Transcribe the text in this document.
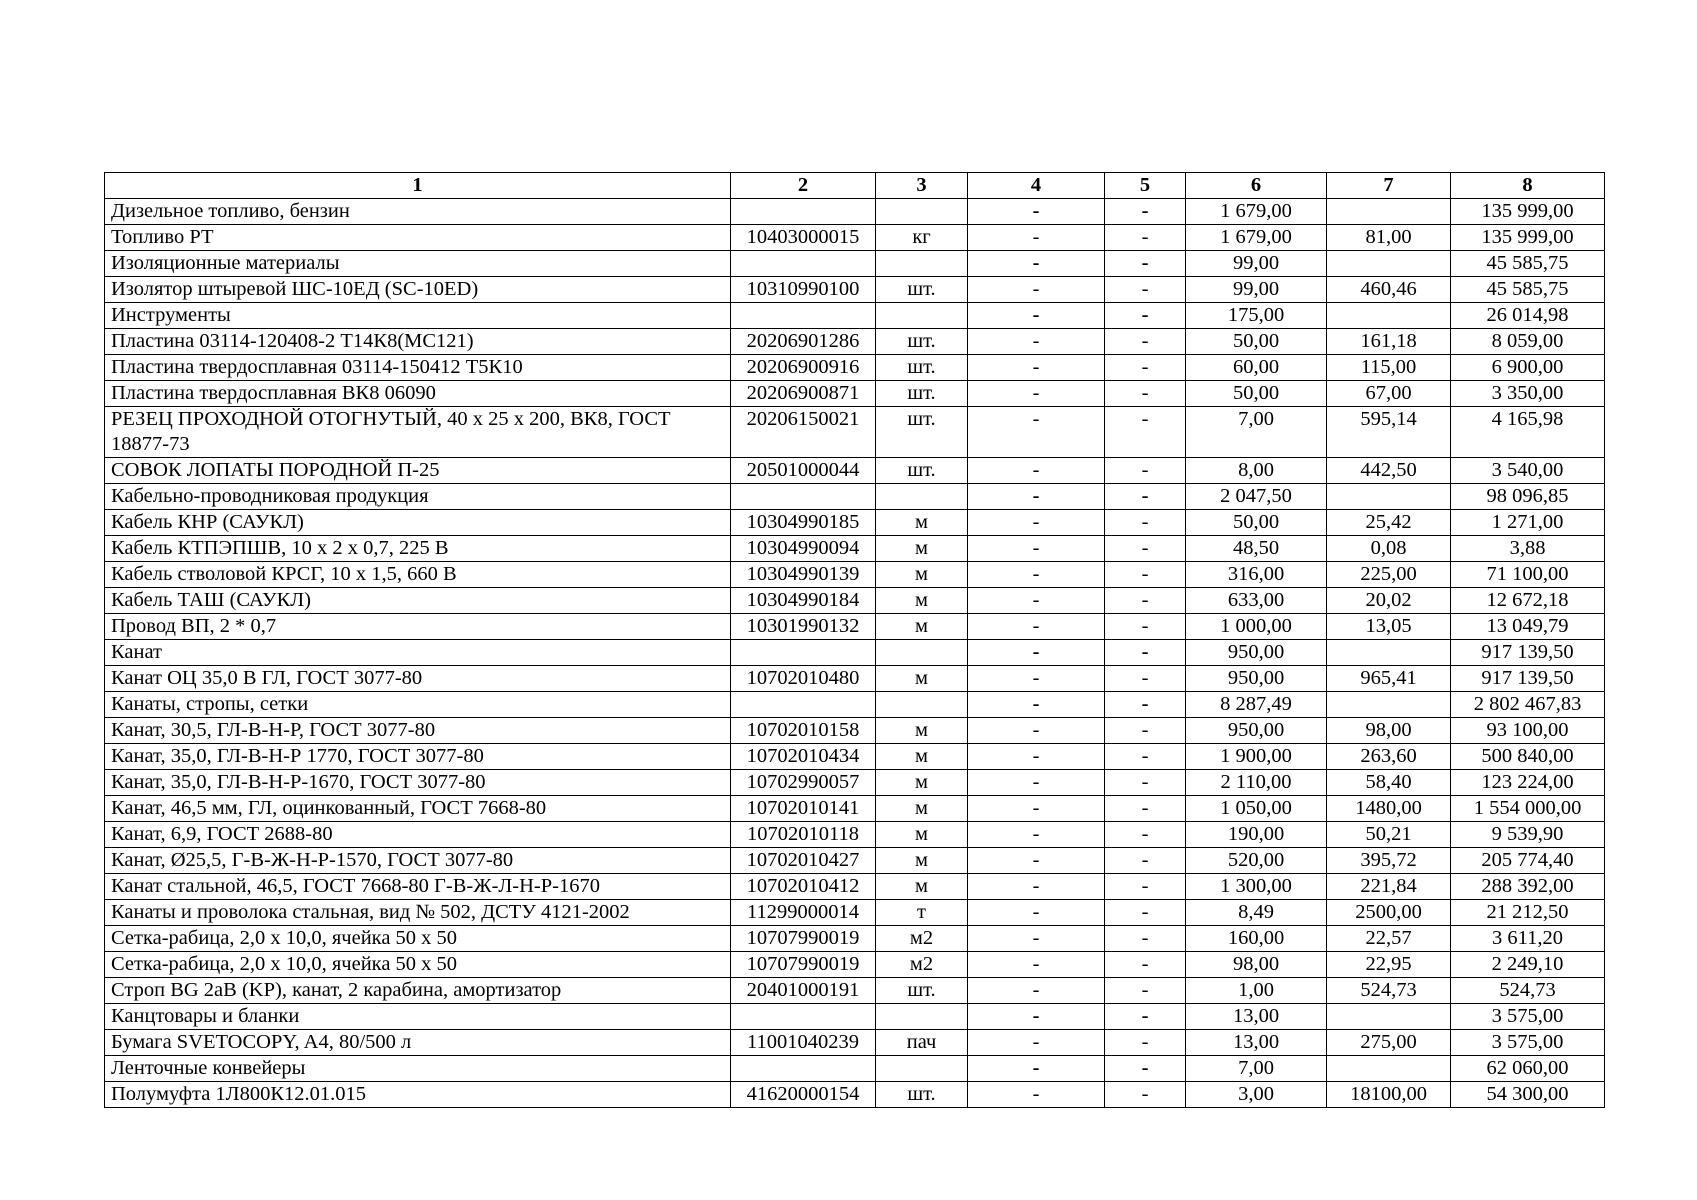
1	2	3	4	5	6	7	8
Дизельное топливо, бензин			-	-	1 679,00		135 999,00
Топливо РТ	10403000015	кг	-	-	1 679,00	81,00	135 999,00
Изоляционные материалы			-	-	99,00		45 585,75
Изолятор штыревой ШС-10ЕД (SC-10ED)	10310990100	шт.	-	-	99,00	460,46	45 585,75
Инструменты			-	-	175,00		26 014,98
Пластина 03114-120408-2 Т14К8(МС121)	20206901286	шт.	-	-	50,00	161,18	8 059,00
Пластина твердосплавная 03114-150412 Т5К10	20206900916	шт.	-	-	60,00	115,00	6 900,00
Пластина твердосплавная ВК8 06090	20206900871	шт.	-	-	50,00	67,00	3 350,00
РЕЗЕЦ ПРОХОДНОЙ ОТОГНУТЫЙ, 40 х 25 х 200, ВК8, ГОСТ 18877-73	20206150021	шт.	-	-	7,00	595,14	4 165,98
СОВОК ЛОПАТЫ ПОРОДНОЙ П-25	20501000044	шт.	-	-	8,00	442,50	3 540,00
Кабельно-проводниковая продукция			-	-	2 047,50		98 096,85
Кабель КНР (САУКЛ)	10304990185	м	-	-	50,00	25,42	1 271,00
Кабель КТПЭПШВ, 10 х 2 х 0,7, 225 В	10304990094	м	-	-	48,50	0,08	3,88
Кабель стволовой КРСГ, 10 х 1,5, 660 В	10304990139	м	-	-	316,00	225,00	71 100,00
Кабель ТАШ (САУКЛ)	10304990184	м	-	-	633,00	20,02	12 672,18
Провод ВП, 2 * 0,7	10301990132	м	-	-	1 000,00	13,05	13 049,79
Канат			-	-	950,00		917 139,50
Канат ОЦ 35,0 В ГЛ, ГОСТ 3077-80	10702010480	м	-	-	950,00	965,41	917 139,50
Канаты, стропы, сетки			-	-	8 287,49		2 802 467,83
Канат, 30,5, ГЛ-В-Н-Р, ГОСТ 3077-80	10702010158	м	-	-	950,00	98,00	93 100,00
Канат, 35,0, ГЛ-В-Н-Р 1770, ГОСТ 3077-80	10702010434	м	-	-	1 900,00	263,60	500 840,00
Канат, 35,0, ГЛ-В-Н-Р-1670, ГОСТ 3077-80	10702990057	м	-	-	2 110,00	58,40	123 224,00
Канат, 46,5 мм, ГЛ, оцинкованный, ГОСТ 7668-80	10702010141	м	-	-	1 050,00	1480,00	1 554 000,00
Канат, 6,9, ГОСТ 2688-80	10702010118	м	-	-	190,00	50,21	9 539,90
Канат, Ø25,5, Г-В-Ж-Н-Р-1570, ГОСТ 3077-80	10702010427	м	-	-	520,00	395,72	205 774,40
Канат стальной, 46,5, ГОСТ 7668-80 Г-В-Ж-Л-Н-Р-1670	10702010412	м	-	-	1 300,00	221,84	288 392,00
Канаты и проволока стальная, вид № 502, ДСТУ 4121-2002	11299000014	т	-	-	8,49	2500,00	21 212,50
Сетка-рабица, 2,0 х 10,0, ячейка 50 х 50	10707990019	м2	-	-	160,00	22,57	3 611,20
Сетка-рабица, 2,0 х 10,0, ячейка 50 х 50	10707990019	м2	-	-	98,00	22,95	2 249,10
Строп BG 2aB (KP), канат, 2 карабина, амортизатор	20401000191	шт.	-	-	1,00	524,73	524,73
Канцтовары и бланки			-	-	13,00		3 575,00
Бумага SVETOCOPY, A4, 80/500 л	11001040239	пач	-	-	13,00	275,00	3 575,00
Ленточные конвейеры			-	-	7,00		62 060,00
Полумуфта 1Л800К12.01.015	41620000154	шт.	-	-	3,00	18100,00	54 300,00
